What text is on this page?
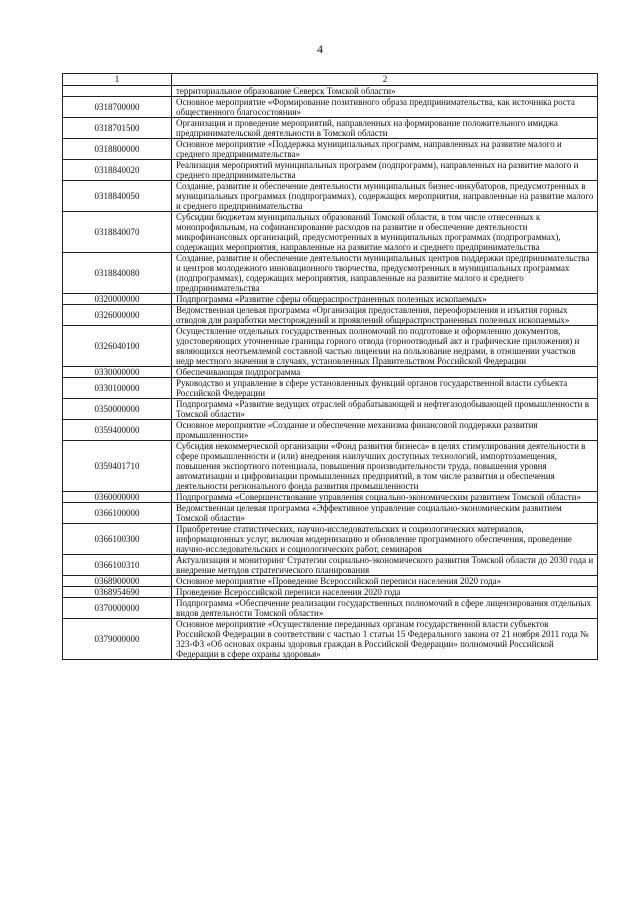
4
1	2
	территориальное образование Северск Томской области»
0318700000	Основное мероприятие «Формирование позитивного образа предпринимательства, как источника роста общественного благосостояния»
0318701500	Организация и проведение мероприятий, направленных на формирование положительного имиджа предпринимательской деятельности в Томской области
0318800000	Основное мероприятие «Поддержка муниципальных программ, направленных на развитие малого и среднего предпринимательства»
0318840020	Реализация мероприятий муниципальных программ (подпрограмм), направленных на развитие малого и среднего предпринимательства
0318840050	Создание, развитие и обеспечение деятельности муниципальных бизнес-инкубаторов, предусмотренных в муниципальных программах (подпрограммах), содержащих мероприятия, направленные на развитие малого и среднего предпринимательства
0318840070	Субсидии бюджетам муниципальных образований Томской области, в том числе отнесенных к монопрофильным, на софинансирование расходов на развитие и обеспечение деятельности микрофинансовых организаций, предусмотренных в муниципальных программах (подпрограммах), содержащих мероприятия, направленные на развитие малого и среднего предпринимательства
0318840080	Создание, развитие и обеспечение деятельности муниципальных центров поддержки предпринимательства и центров молодежного инновационного творчества, предусмотренных в муниципальных программах (подпрограммах), содержащих мероприятия, направленные на развитие малого и среднего предпринимательства
0320000000	Подпрограмма «Развитие сферы общераспространенных полезных ископаемых»
0326000000	Ведомственная целевая программа «Организация предоставления, переоформления и изъятия горных отводов для разработки месторождений и проявлений общераспространенных полезных ископаемых»
0326040100	Осуществление отдельных государственных полномочий по подготовке и оформлению документов, удостоверяющих уточненные границы горного отвода (горноотводный акт и графические приложения) и являющихся неотъемлемой составной частью лицензии на пользование недрами, в отношении участков недр местного значения в случаях, установленных Правительством Российской Федерации
0330000000	Обеспечивающая подпрограмма
0330100000	Руководство и управление в сфере установленных функций органов государственной власти субъекта Российской Федерации
0350000000	Подпрограмма «Развитие ведущих отраслей обрабатывающей и нефтегазодобывающей промышленности в Томской области»
0359400000	Основное мероприятие «Создание и обеспечение механизма финансовой поддержки развития промышленности»
0359401710	Субсидия некоммерческой организации «Фонд развития бизнеса» в целях стимулирования деятельности в сфере промышленности и (или) внедрения наилучших доступных технологий, импортозамещения, повышения экспортного потенциала, повышения производительности труда, повышения уровня автоматизации и цифровизации промышленных предприятий, в том числе развития и обеспечения деятельности регионального фонда развития промышленности
0360000000	Подпрограмма «Совершенствование управления социально-экономическим развитием Томской области»
0366100000	Ведомственная целевая программа «Эффективное управление социально-экономическим развитием Томской области»
0366100300	Приобретение статистических, научно-исследовательских и социологических материалов, информационных услуг, включая модернизацию и обновление программного обеспечения, проведение научно-исследовательских и социологических работ, семинаров
0366100310	Актуализация и мониторинг Стратегии социально-экономического развития Томской области до 2030 года и внедрение методов стратегического планирования
0368900000	Основное мероприятие «Проведение Всероссийской переписи населения 2020 года»
0368954690	Проведение Всероссийской переписи населения 2020 года
0370000000	Подпрограмма «Обеспечение реализации государственных полномочий в сфере лицензирования отдельных видов деятельности Томской области»
0379000000	Основное мероприятие «Осуществление переданных органам государственной власти субъектов Российской Федерации в соответствии с частью 1 статьи 15 Федерального закона от 21 ноября 2011 года № 323-ФЗ «Об основах охраны здоровья граждан в Российской Федерации» полномочий Российской Федерации в сфере охраны здоровья»
